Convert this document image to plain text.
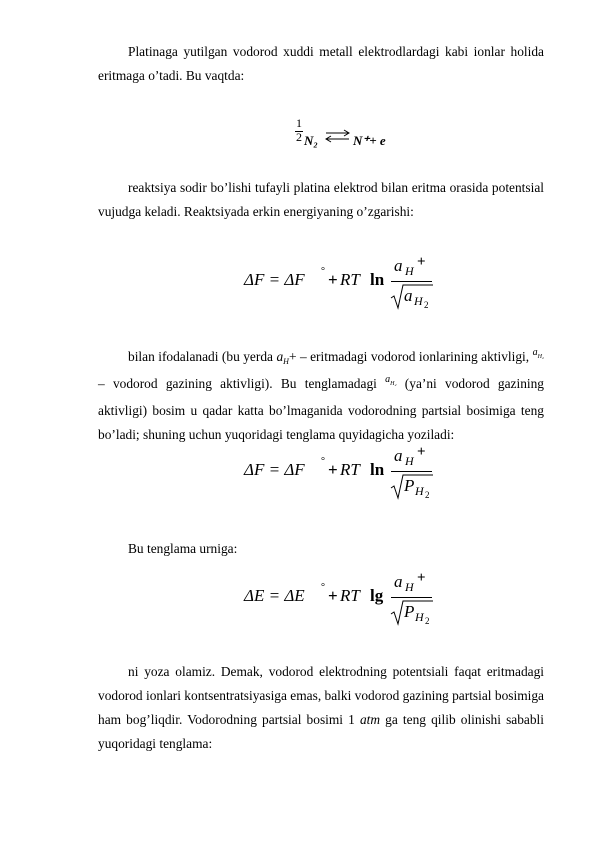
Platinaga yutilgan vodorod xuddi metall elektrodlardagi kabi ionlar holida eritmaga o’tadi. Bu vaqtda:
1
2 N₂ ⇌ N⁺+ e
reaktsiya sodir bo’lishi tufayli platina elektrod bilan eritma orasida potentsial vujudga keladi. Reaktsiyada erkin energiyaning o’zgarishi:
ΔF = ΔF ° + RT ln
a H
+
a H 2
bilan ifodalanadi (bu yerda $a_H+$ – eritmadagi vodorod ionlarining aktivligi, $^{aH_2}$ – vodorod gazining aktivligi). Bu tenglamadagi $^{aH_2}$ (ya’ni vodorod gazining aktivligi) bosim u qadar katta bo’lmaganida vodorodning partsial bosimiga teng bo’ladi; shuning uchun yuqoridagi tenglama quyidagicha yoziladi:
ΔF = ΔF ° + RT ln
a H
+
P H 2
Bu tenglama urniga:
ΔE = ΔE ° + RT lg
a H
+
P H 2
ni yoza olamiz. Demak, vodorod elektrodning potentsiali faqat eritmadagi vodorod ionlari kontsentratsiyasiga emas, balki vodorod gazining partsial bosimiga ham bog’liqdir. Vodorodning partsial bosimi 1 atm ga teng qilib olinishi sababli yuqoridagi tenglama:
